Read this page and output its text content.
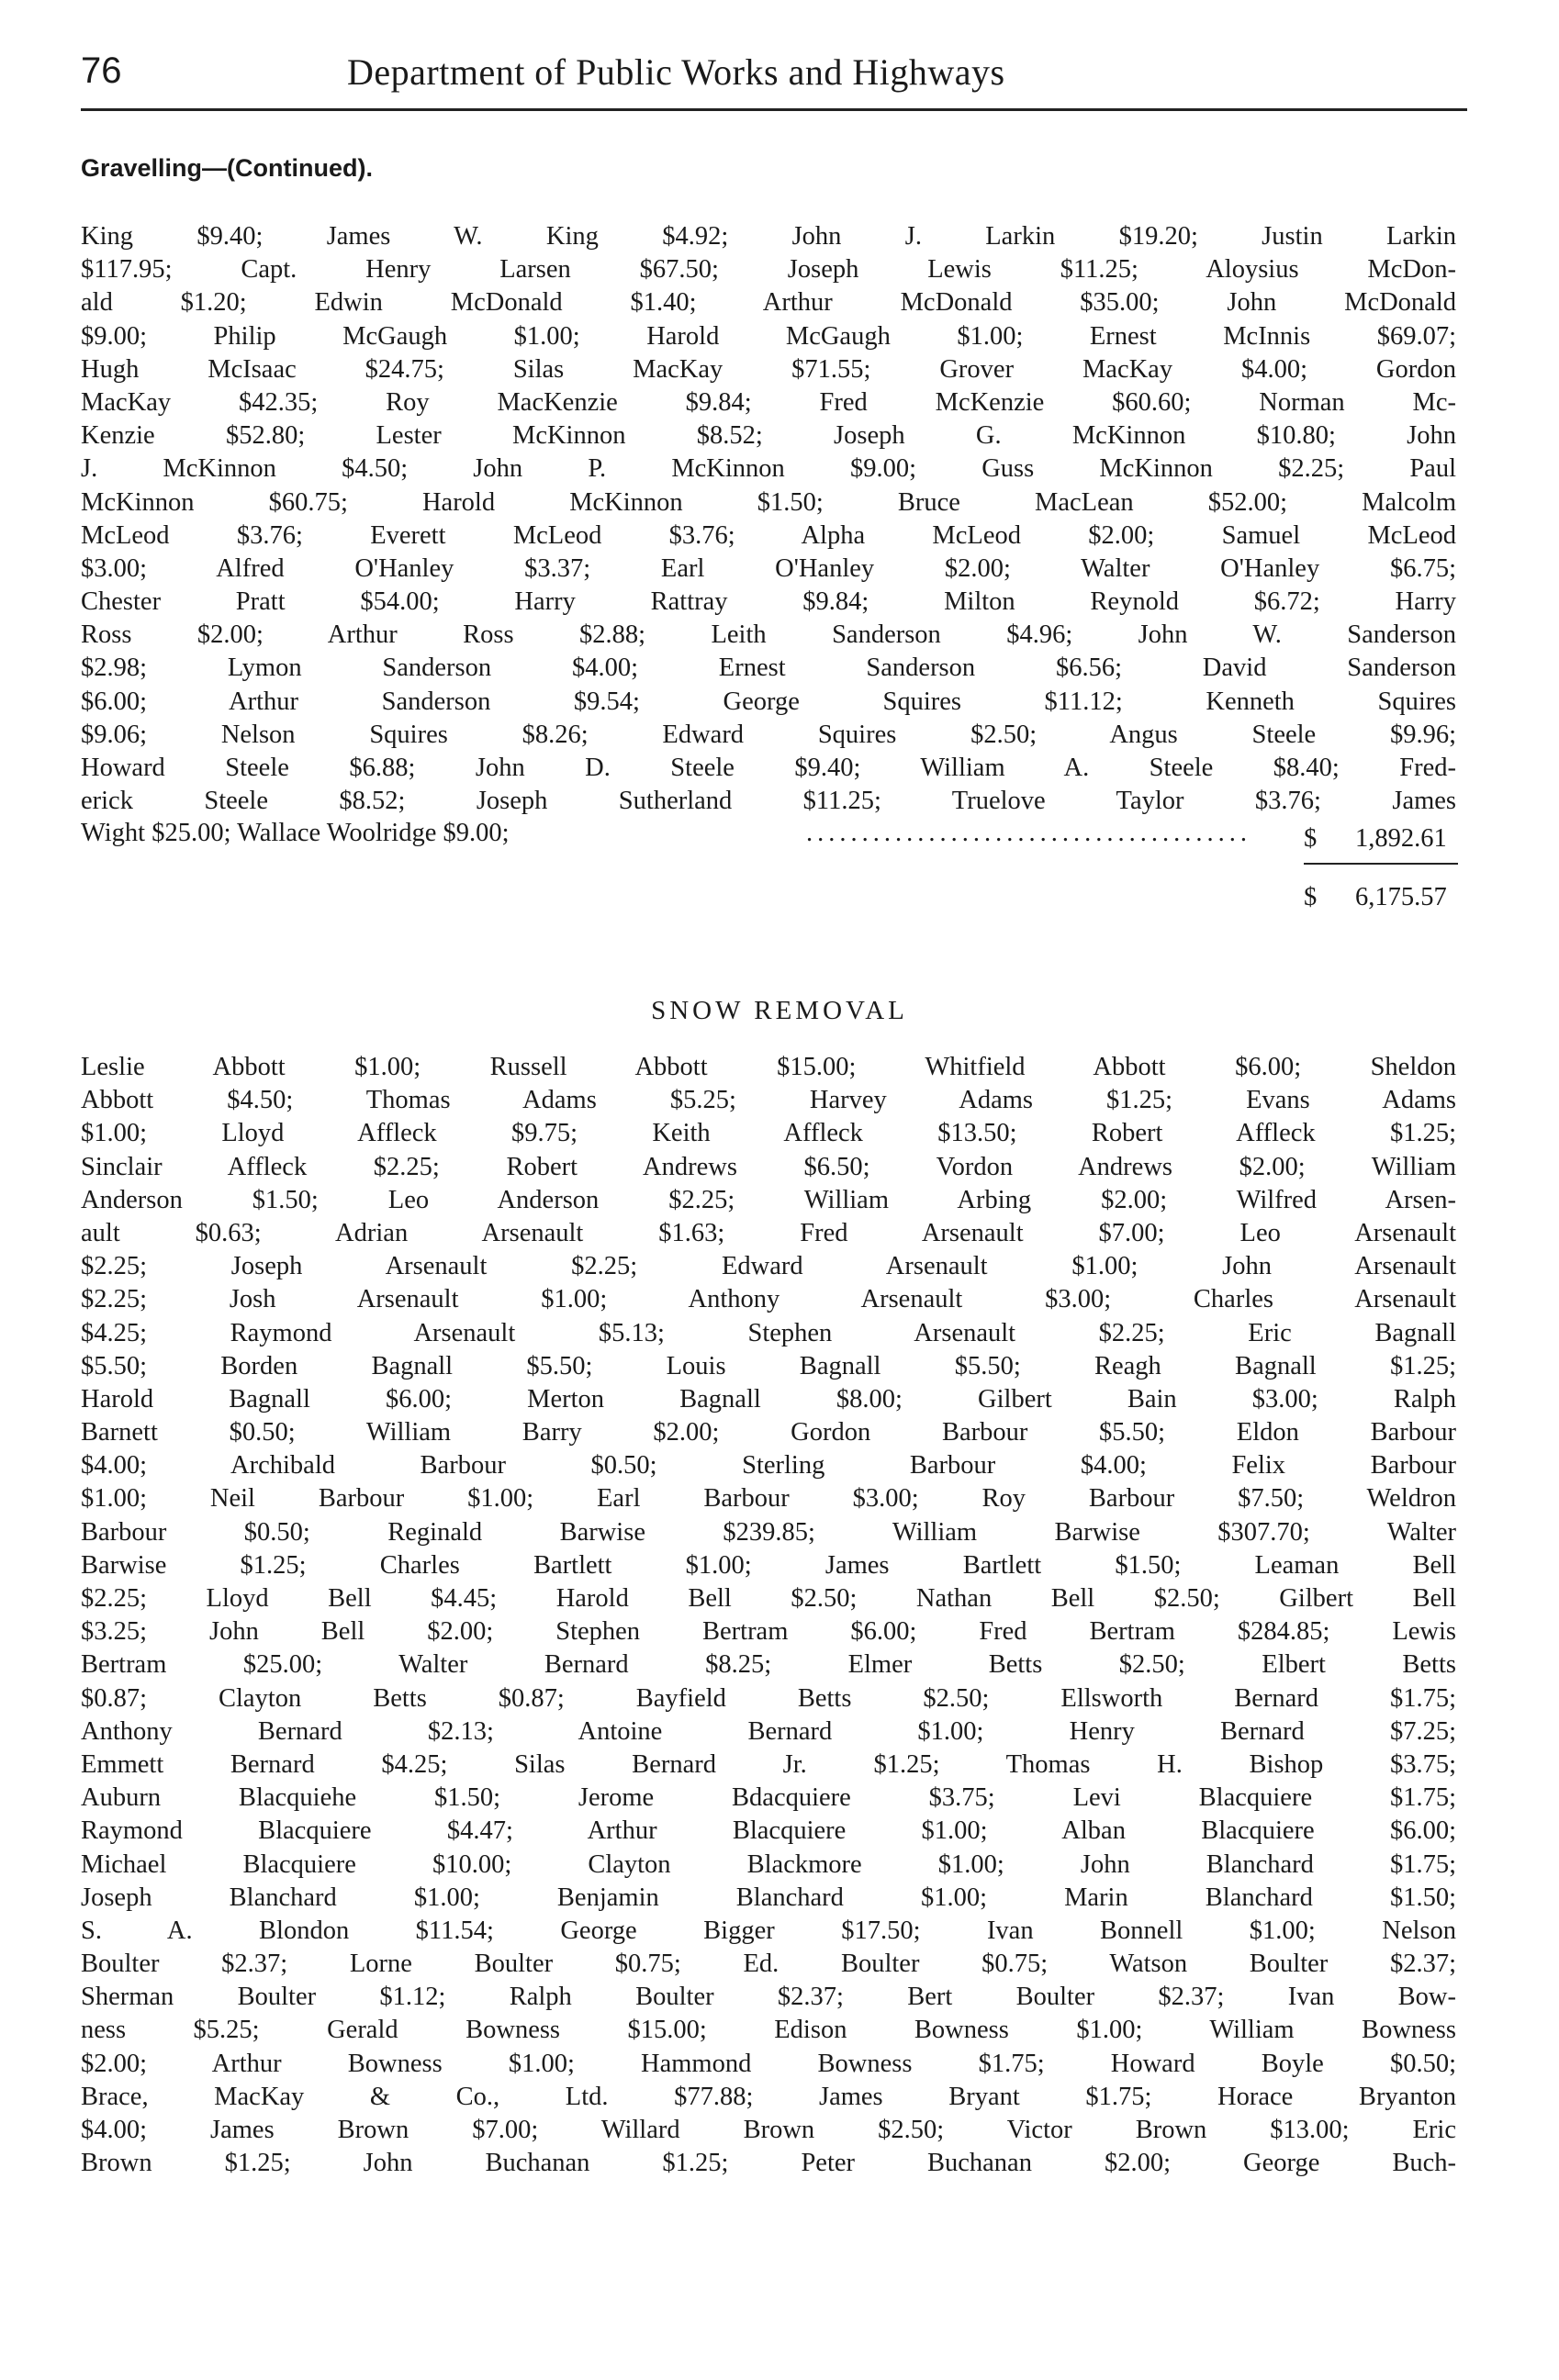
76	Department of Public Works and Highways
Gravelling—(Continued).
King $9.40; James W. King $4.92; John J. Larkin $19.20; Justin Larkin
$117.95; Capt. Henry Larsen $67.50; Joseph Lewis $11.25; Aloysius McDon-
ald $1.20; Edwin McDonald $1.40; Arthur McDonald $35.00; John McDonald
$9.00; Philip McGaugh $1.00; Harold McGaugh $1.00; Ernest McInnis $69.07;
Hugh McIsaac $24.75; Silas MacKay $71.55; Grover MacKay $4.00; Gordon
MacKay $42.35; Roy MacKenzie $9.84; Fred McKenzie $60.60; Norman Mc-
Kenzie $52.80; Lester McKinnon $8.52; Joseph G. McKinnon $10.80; John
J. McKinnon $4.50; John P. McKinnon $9.00; Guss McKinnon $2.25; Paul
McKinnon $60.75; Harold McKinnon $1.50; Bruce MacLean $52.00; Malcolm
McLeod $3.76; Everett McLeod $3.76; Alpha McLeod $2.00; Samuel McLeod
$3.00; Alfred O'Hanley $3.37; Earl O'Hanley $2.00; Walter O'Hanley $6.75;
Chester Pratt $54.00; Harry Rattray $9.84; Milton Reynold $6.72; Harry
Ross $2.00; Arthur Ross $2.88; Leith Sanderson $4.96; John W. Sanderson
$2.98; Lymon Sanderson $4.00; Ernest Sanderson $6.56; David Sanderson
$6.00; Arthur Sanderson $9.54; George Squires $11.12; Kenneth Squires
$9.06; Nelson Squires $8.26; Edward Squires $2.50; Angus Steele $9.96;
Howard Steele $6.88; John D. Steele $9.40; William A. Steele $8.40; Fred-
erick Steele $8.52; Joseph Sutherland $11.25; Truelove Taylor $3.76; James
Wight $25.00; Wallace Woolridge $9.00;	........................................	$ 1,892.61
$ 6,175.57
SNOW REMOVAL
Leslie Abbott $1.00; Russell Abbott $15.00; Whitfield Abbott $6.00; Sheldon
Abbott $4.50; Thomas Adams $5.25; Harvey Adams $1.25; Evans Adams
$1.00; Lloyd Affleck $9.75; Keith Affleck $13.50; Robert Affleck $1.25;
Sinclair Affleck $2.25; Robert Andrews $6.50; Vordon Andrews $2.00; William
Anderson $1.50; Leo Anderson $2.25; William Arbing $2.00; Wilfred Arsen-
ault $0.63; Adrian Arsenault $1.63; Fred Arsenault $7.00; Leo Arsenault
$2.25; Joseph Arsenault $2.25; Edward Arsenault $1.00; John Arsenault
$2.25; Josh Arsenault $1.00; Anthony Arsenault $3.00; Charles Arsenault
$4.25; Raymond Arsenault $5.13; Stephen Arsenault $2.25; Eric Bagnall
$5.50; Borden Bagnall $5.50; Louis Bagnall $5.50; Reagh Bagnall $1.25;
Harold Bagnall $6.00; Merton Bagnall $8.00; Gilbert Bain $3.00; Ralph
Barnett $0.50; William Barry $2.00; Gordon Barbour $5.50; Eldon Barbour
$4.00; Archibald Barbour $0.50; Sterling Barbour $4.00; Felix Barbour
$1.00; Neil Barbour $1.00; Earl Barbour $3.00; Roy Barbour $7.50; Weldron
Barbour $0.50; Reginald Barwise $239.85; William Barwise $307.70; Walter
Barwise $1.25; Charles Bartlett $1.00; James Bartlett $1.50; Leaman Bell
$2.25; Lloyd Bell $4.45; Harold Bell $2.50; Nathan Bell $2.50; Gilbert Bell
$3.25; John Bell $2.00; Stephen Bertram $6.00; Fred Bertram $284.85; Lewis
Bertram $25.00; Walter Bernard $8.25; Elmer Betts $2.50; Elbert Betts
$0.87; Clayton Betts $0.87; Bayfield Betts $2.50; Ellsworth Bernard $1.75;
Anthony Bernard $2.13; Antoine Bernard $1.00; Henry Bernard $7.25;
Emmett Bernard $4.25; Silas Bernard Jr. $1.25; Thomas H. Bishop $3.75;
Auburn Blacquiehe $1.50; Jerome Bdacquiere $3.75; Levi Blacquiere $1.75;
Raymond Blacquiere $4.47; Arthur Blacquiere $1.00; Alban Blacquiere $6.00;
Michael Blacquiere $10.00; Clayton Blackmore $1.00; John Blanchard $1.75;
Joseph Blanchard $1.00; Benjamin Blanchard $1.00; Marin Blanchard $1.50;
S. A. Blondon $11.54; George Bigger $17.50; Ivan Bonnell $1.00; Nelson
Boulter $2.37; Lorne Boulter $0.75; Ed. Boulter $0.75; Watson Boulter $2.37;
Sherman Boulter $1.12; Ralph Boulter $2.37; Bert Boulter $2.37; Ivan Bow-
ness $5.25; Gerald Bowness $15.00; Edison Bowness $1.00; William Bowness
$2.00; Arthur Bowness $1.00; Hammond Bowness $1.75; Howard Boyle $0.50;
Brace, MacKay & Co., Ltd. $77.88; James Bryant $1.75; Horace Bryanton
$4.00; James Brown $7.00; Willard Brown $2.50; Victor Brown $13.00; Eric
Brown $1.25; John Buchanan $1.25; Peter Buchanan $2.00; George Buch-
